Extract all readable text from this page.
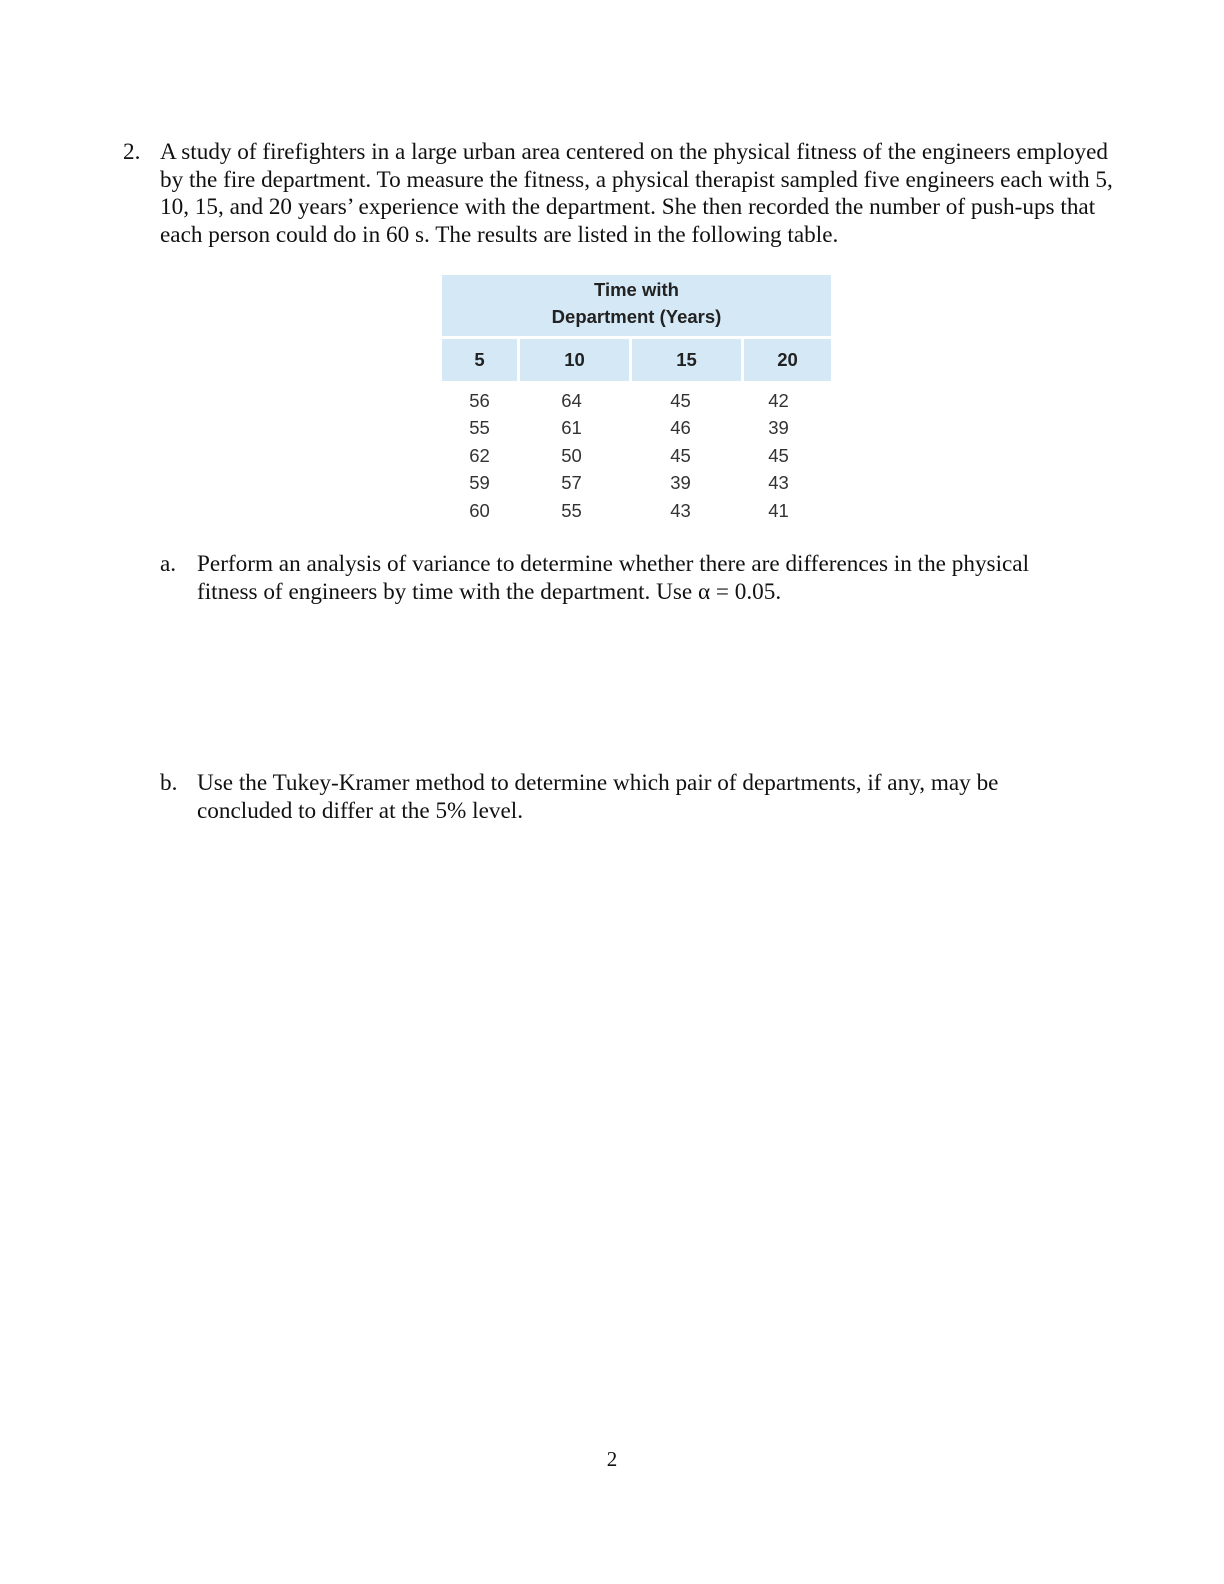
2. A study of firefighters in a large urban area centered on the physical fitness of the engineers employed by the fire department. To measure the fitness, a physical therapist sampled five engineers each with 5, 10, 15, and 20 years’ experience with the department. She then recorded the number of push-ups that each person could do in 60 s. The results are listed in the following table.
Time with
Department (Years)
5	10	15	20
56	64	45	42
55	61	46	39
62	50	45	45
59	57	39	43
60	55	43	41
a. Perform an analysis of variance to determine whether there are differences in the physical fitness of engineers by time with the department. Use α = 0.05.
b. Use the Tukey-Kramer method to determine which pair of departments, if any, may be concluded to differ at the 5% level.
2
